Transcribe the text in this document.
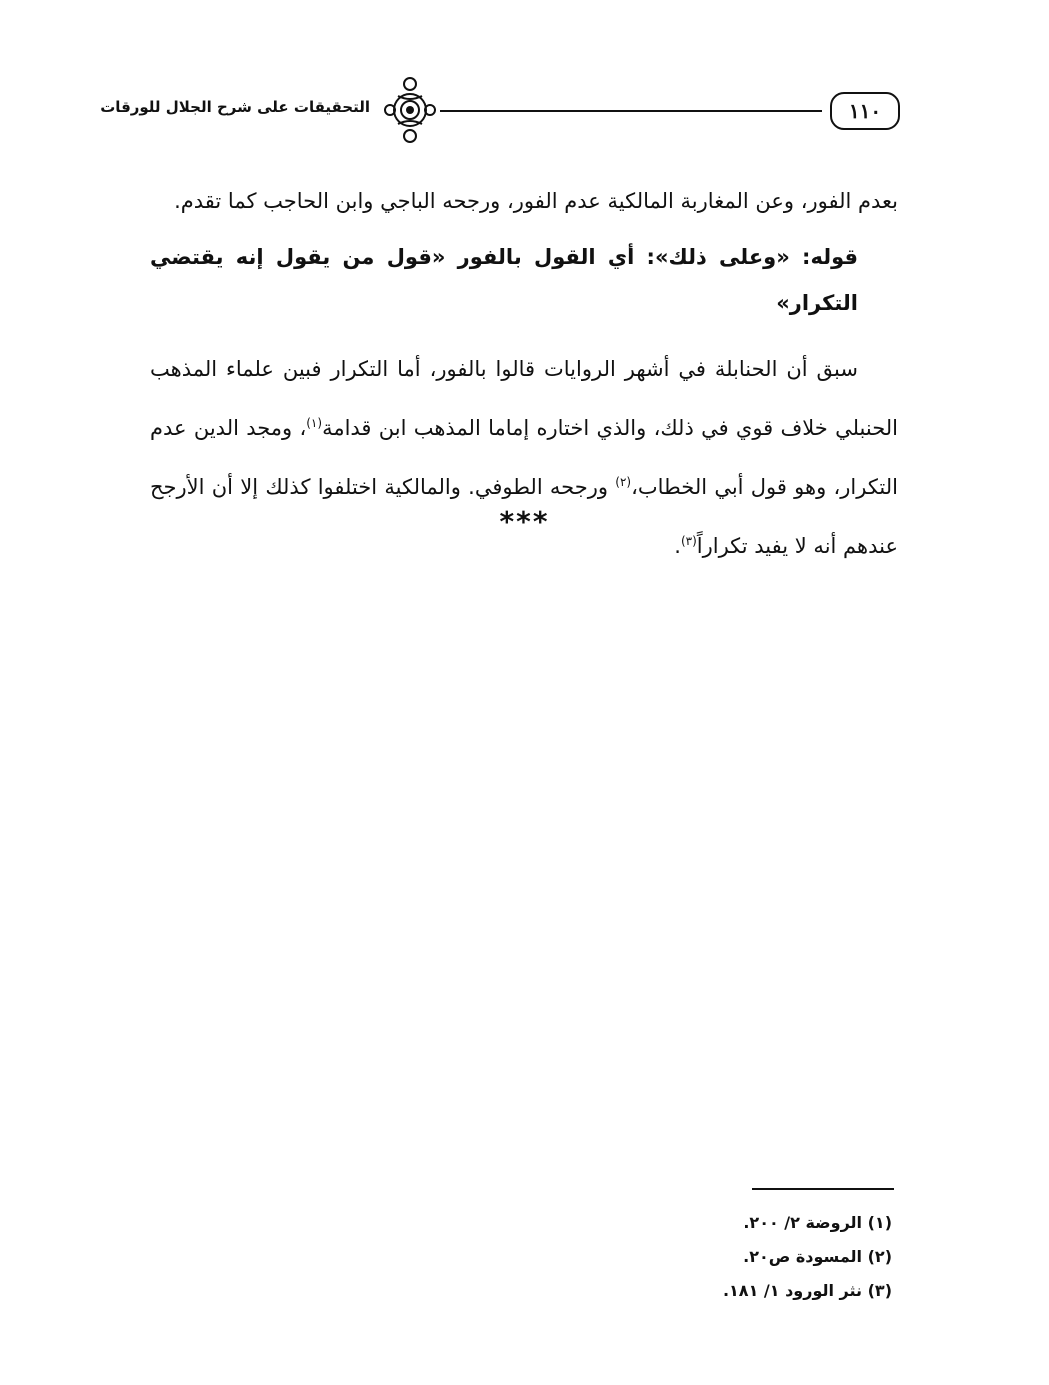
التحقيقات على شرح الجلال للورقات	١١٠

بعدم الفور، وعن المغاربة المالكية عدم الفور، ورجحه الباجي وابن الحاجب كما تقدم.

قوله: «وعلى ذلك»: أي القول بالفور «قول من يقول إنه يقتضي التكرار»

سبق أن الحنابلة في أشهر الروايات قالوا بالفور، أما التكرار فبين علماء المذهب الحنبلي خلاف قوي في ذلك، والذي اختاره إماما المذهب ابن قدامة$^{(١)}$، ومجد الدين عدم التكرار، وهو قول أبي الخطاب،$^{(٢)}$ ورجحه الطوفي. والمالكية اختلفوا كذلك إلا أن الأرجح عندهم أنه لا يفيد تكراراً$^{(٣)}$.

***
(١) الروضة ٢/ ٢٠٠.
(٢) المسودة ص٢٠.
(٣) نثر الورود ١/ ١٨١.
